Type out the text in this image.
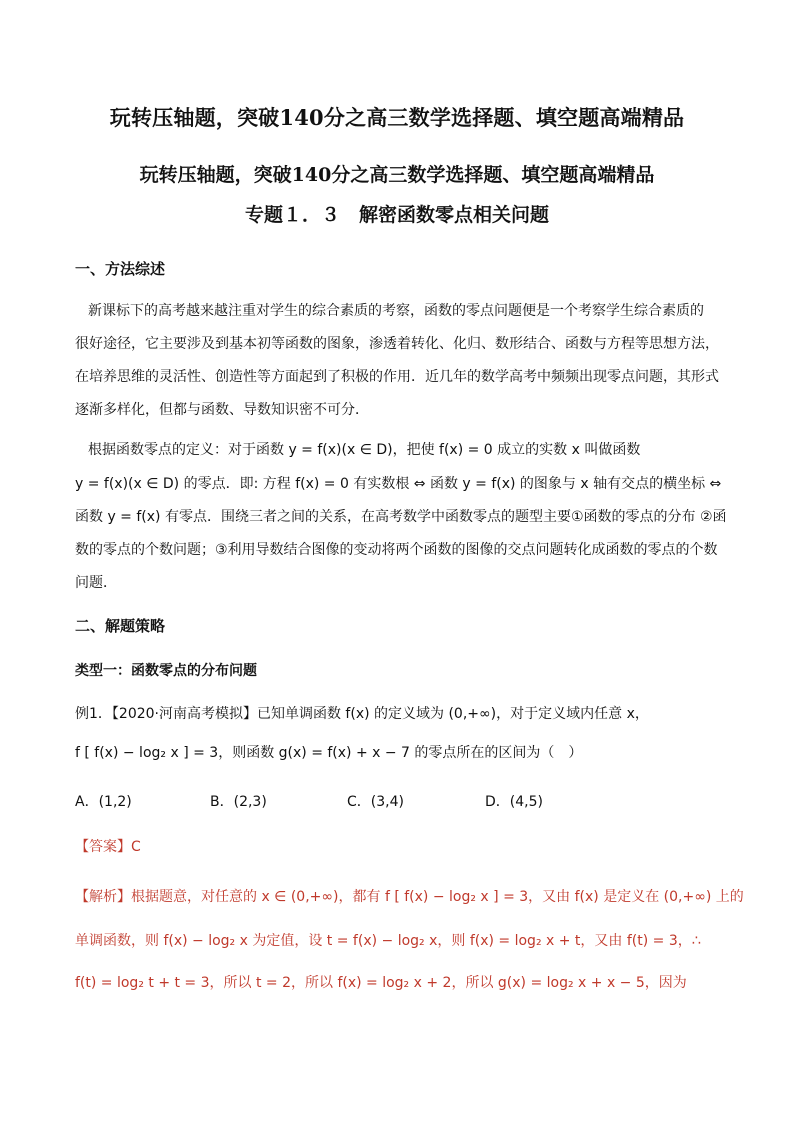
玩转压轴题，突破140分之高三数学选择题、填空题高端精品
玩转压轴题，突破140分之高三数学选择题、填空题高端精品
专题１．３　解密函数零点相关问题
一、方法综述
新课标下的高考越来越注重对学生的综合素质的考察，函数的零点问题便是一个考察学生综合素质的
很好途径，它主要涉及到基本初等函数的图象，渗透着转化、化归、数形结合、函数与方程等思想方法，
在培养思维的灵活性、创造性等方面起到了积极的作用．近几年的数学高考中频频出现零点问题，其形式
逐渐多样化，但都与函数、导数知识密不可分．
根据函数零点的定义：对于函数 y = f(x)(x ∈ D)，把使 f(x) = 0 成立的实数 x 叫做函数
y = f(x)(x ∈ D) 的零点．即: 方程 f(x) = 0 有实数根 ⇔ 函数 y = f(x) 的图象与 x 轴有交点的横坐标 ⇔
函数 y = f(x) 有零点．围绕三者之间的关系，在高考数学中函数零点的题型主要①函数的零点的分布 ②函
数的零点的个数问题；③利用导数结合图像的变动将两个函数的图像的交点问题转化成函数的零点的个数
问题．
二、解题策略
类型一：函数零点的分布问题
例1．【2020·河南高考模拟】已知单调函数 f(x) 的定义域为 (0,+∞)，对于定义域内任意 x，
f [ f(x) − log₂ x ] = 3，则函数 g(x) = f(x) + x − 7 的零点所在的区间为（　）
A．(1,2)	B．(2,3)	C．(3,4)	D．(4,5)
【答案】C
【解析】根据题意，对任意的 x ∈ (0,+∞)，都有 f [ f(x) − log₂ x ] = 3，又由 f(x) 是定义在 (0,+∞) 上的
单调函数，则 f(x) − log₂ x 为定值，设 t = f(x) − log₂ x，则 f(x) = log₂ x + t，又由 f(t) = 3，∴
f(t) = log₂ t + t = 3，所以 t = 2，所以 f(x) = log₂ x + 2，所以 g(x) = log₂ x + x − 5，因为
